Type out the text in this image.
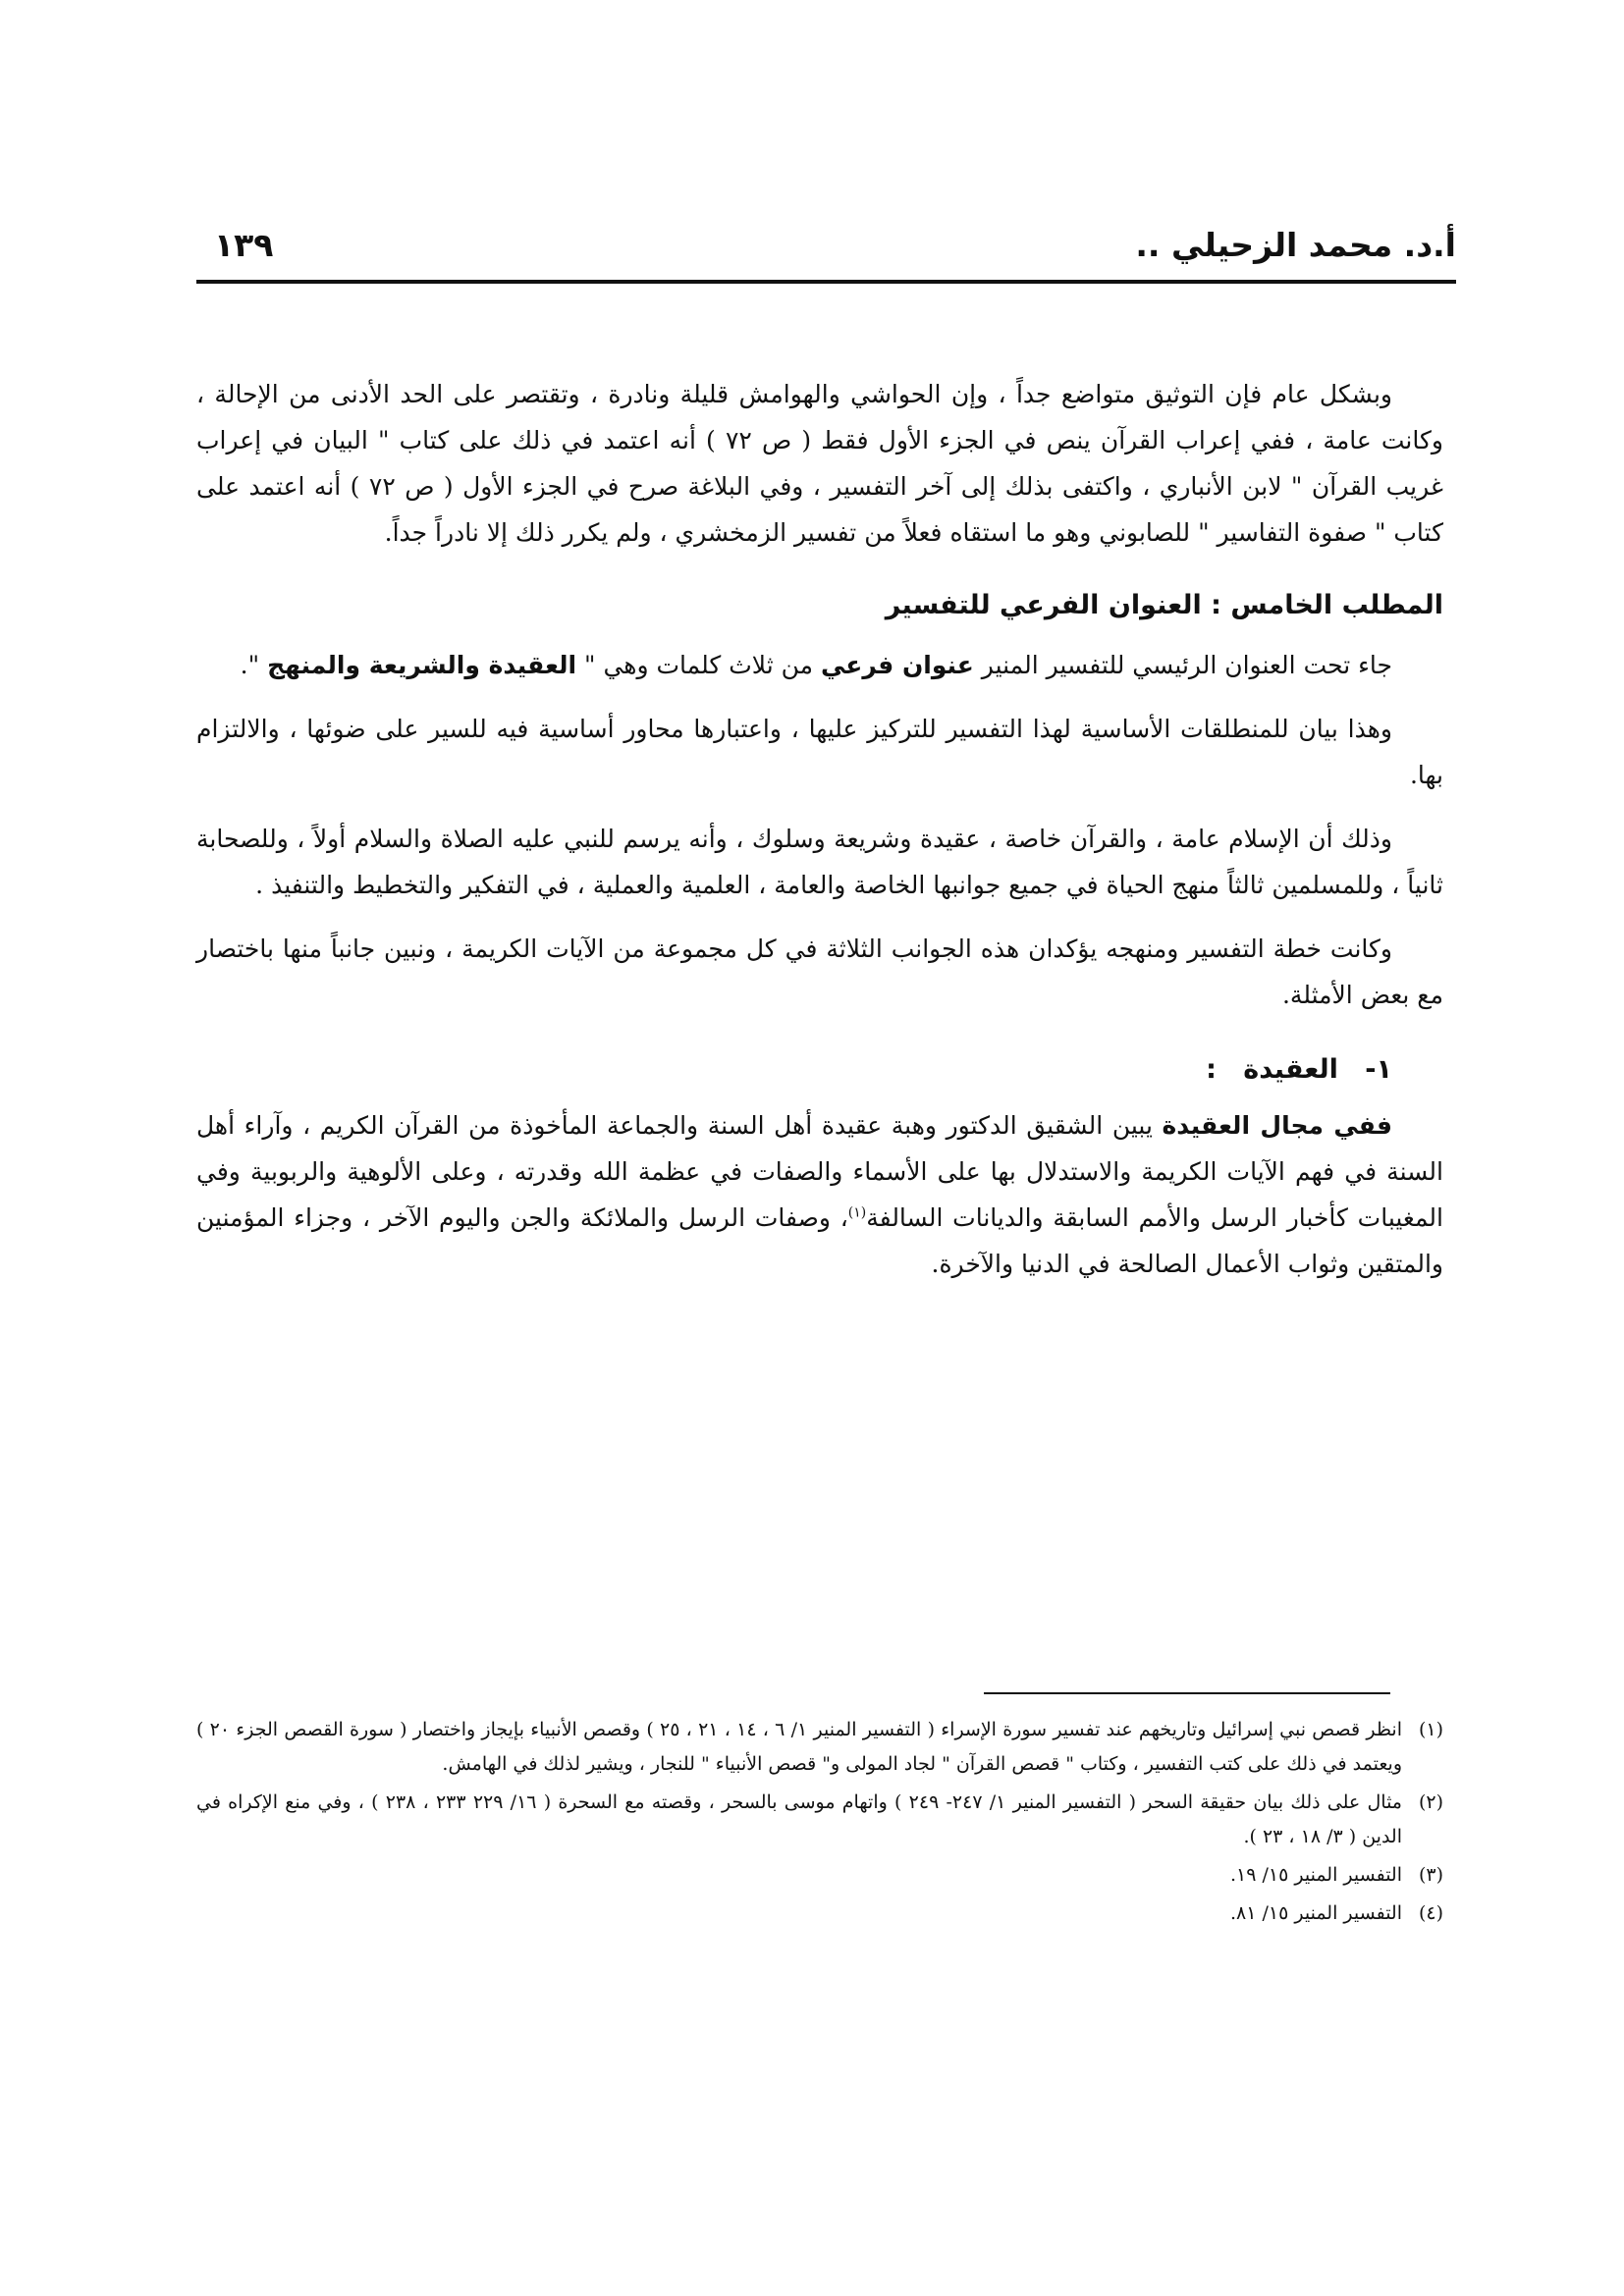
أ.د. محمد الزحيلي ..
١٣٩

وبشكل عام فإن التوثيق متواضع جداً ، وإن الحواشي والهوامش قليلة ونادرة ، وتقتصر على الحد الأدنى من الإحالة ، وكانت عامة ، ففي إعراب القرآن ينص في الجزء الأول فقط ( ص ٧٢ ) أنه اعتمد في ذلك على كتاب " البيان في إعراب غريب القرآن " لابن الأنباري ، واكتفى بذلك إلى آخر التفسير ، وفي البلاغة صرح في الجزء الأول ( ص ٧٢ ) أنه اعتمد على كتاب " صفوة التفاسير " للصابوني وهو ما استقاه فعلاً من تفسير الزمخشري ، ولم يكرر ذلك إلا نادراً جداً.

المطلب الخامس : العنوان الفرعي للتفسير

جاء تحت العنوان الرئيسي للتفسير المنير عنوان فرعي من ثلاث كلمات وهي " العقيدة والشريعة والمنهج ".

وهذا بيان للمنطلقات الأساسية لهذا التفسير للتركيز عليها ، واعتبارها محاور أساسية فيه للسير على ضوئها ، والالتزام بها.

وذلك أن الإسلام عامة ، والقرآن خاصة ، عقيدة وشريعة وسلوك ، وأنه يرسم للنبي عليه الصلاة والسلام أولاً ، وللصحابة ثانياً ، وللمسلمين ثالثاً منهج الحياة في جميع جوانبها الخاصة والعامة ، العلمية والعملية ، في التفكير والتخطيط والتنفيذ .

وكانت خطة التفسير ومنهجه يؤكدان هذه الجوانب الثلاثة في كل مجموعة من الآيات الكريمة ، ونبين جانباً منها باختصار مع بعض الأمثلة.

١- العقيدة :

ففي مجال العقيدة يبين الشقيق الدكتور وهبة عقيدة أهل السنة والجماعة المأخوذة من القرآن الكريم ، وآراء أهل السنة في فهم الآيات الكريمة والاستدلال بها على الأسماء والصفات في عظمة الله وقدرته ، وعلى الألوهية والربوبية وفي المغيبات كأخبار الرسل والأمم السابقة والديانات السالفة$^{(١)}$، وصفات الرسل والملائكة والجن واليوم الآخر ، وجزاء المؤمنين والمتقين وثواب الأعمال الصالحة في الدنيا والآخرة.

(١)انظر قصص نبي إسرائيل وتاريخهم عند تفسير سورة الإسراء ( التفسير المنير ١/ ٦ ، ١٤ ، ٢١ ، ٢٥ ) وقصص الأنبياء بإيجاز واختصار ( سورة القصص الجزء ٢٠ ) ويعتمد في ذلك على كتب التفسير ، وكتاب " قصص القرآن " لجاد المولى و" قصص الأنبياء " للنجار ، ويشير لذلك في الهامش.
(٢)مثال على ذلك بيان حقيقة السحر ( التفسير المنير ١/ ٢٤٧- ٢٤٩ ) واتهام موسى بالسحر ، وقصته مع السحرة ( ١٦/ ٢٢٩ ٢٣٣ ، ٢٣٨ ) ، وفي منع الإكراه في الدين ( ٣/ ١٨ ، ٢٣ ).
(٣)التفسير المنير ١٥/ ١٩.
(٤)التفسير المنير ١٥/ ٨١.
